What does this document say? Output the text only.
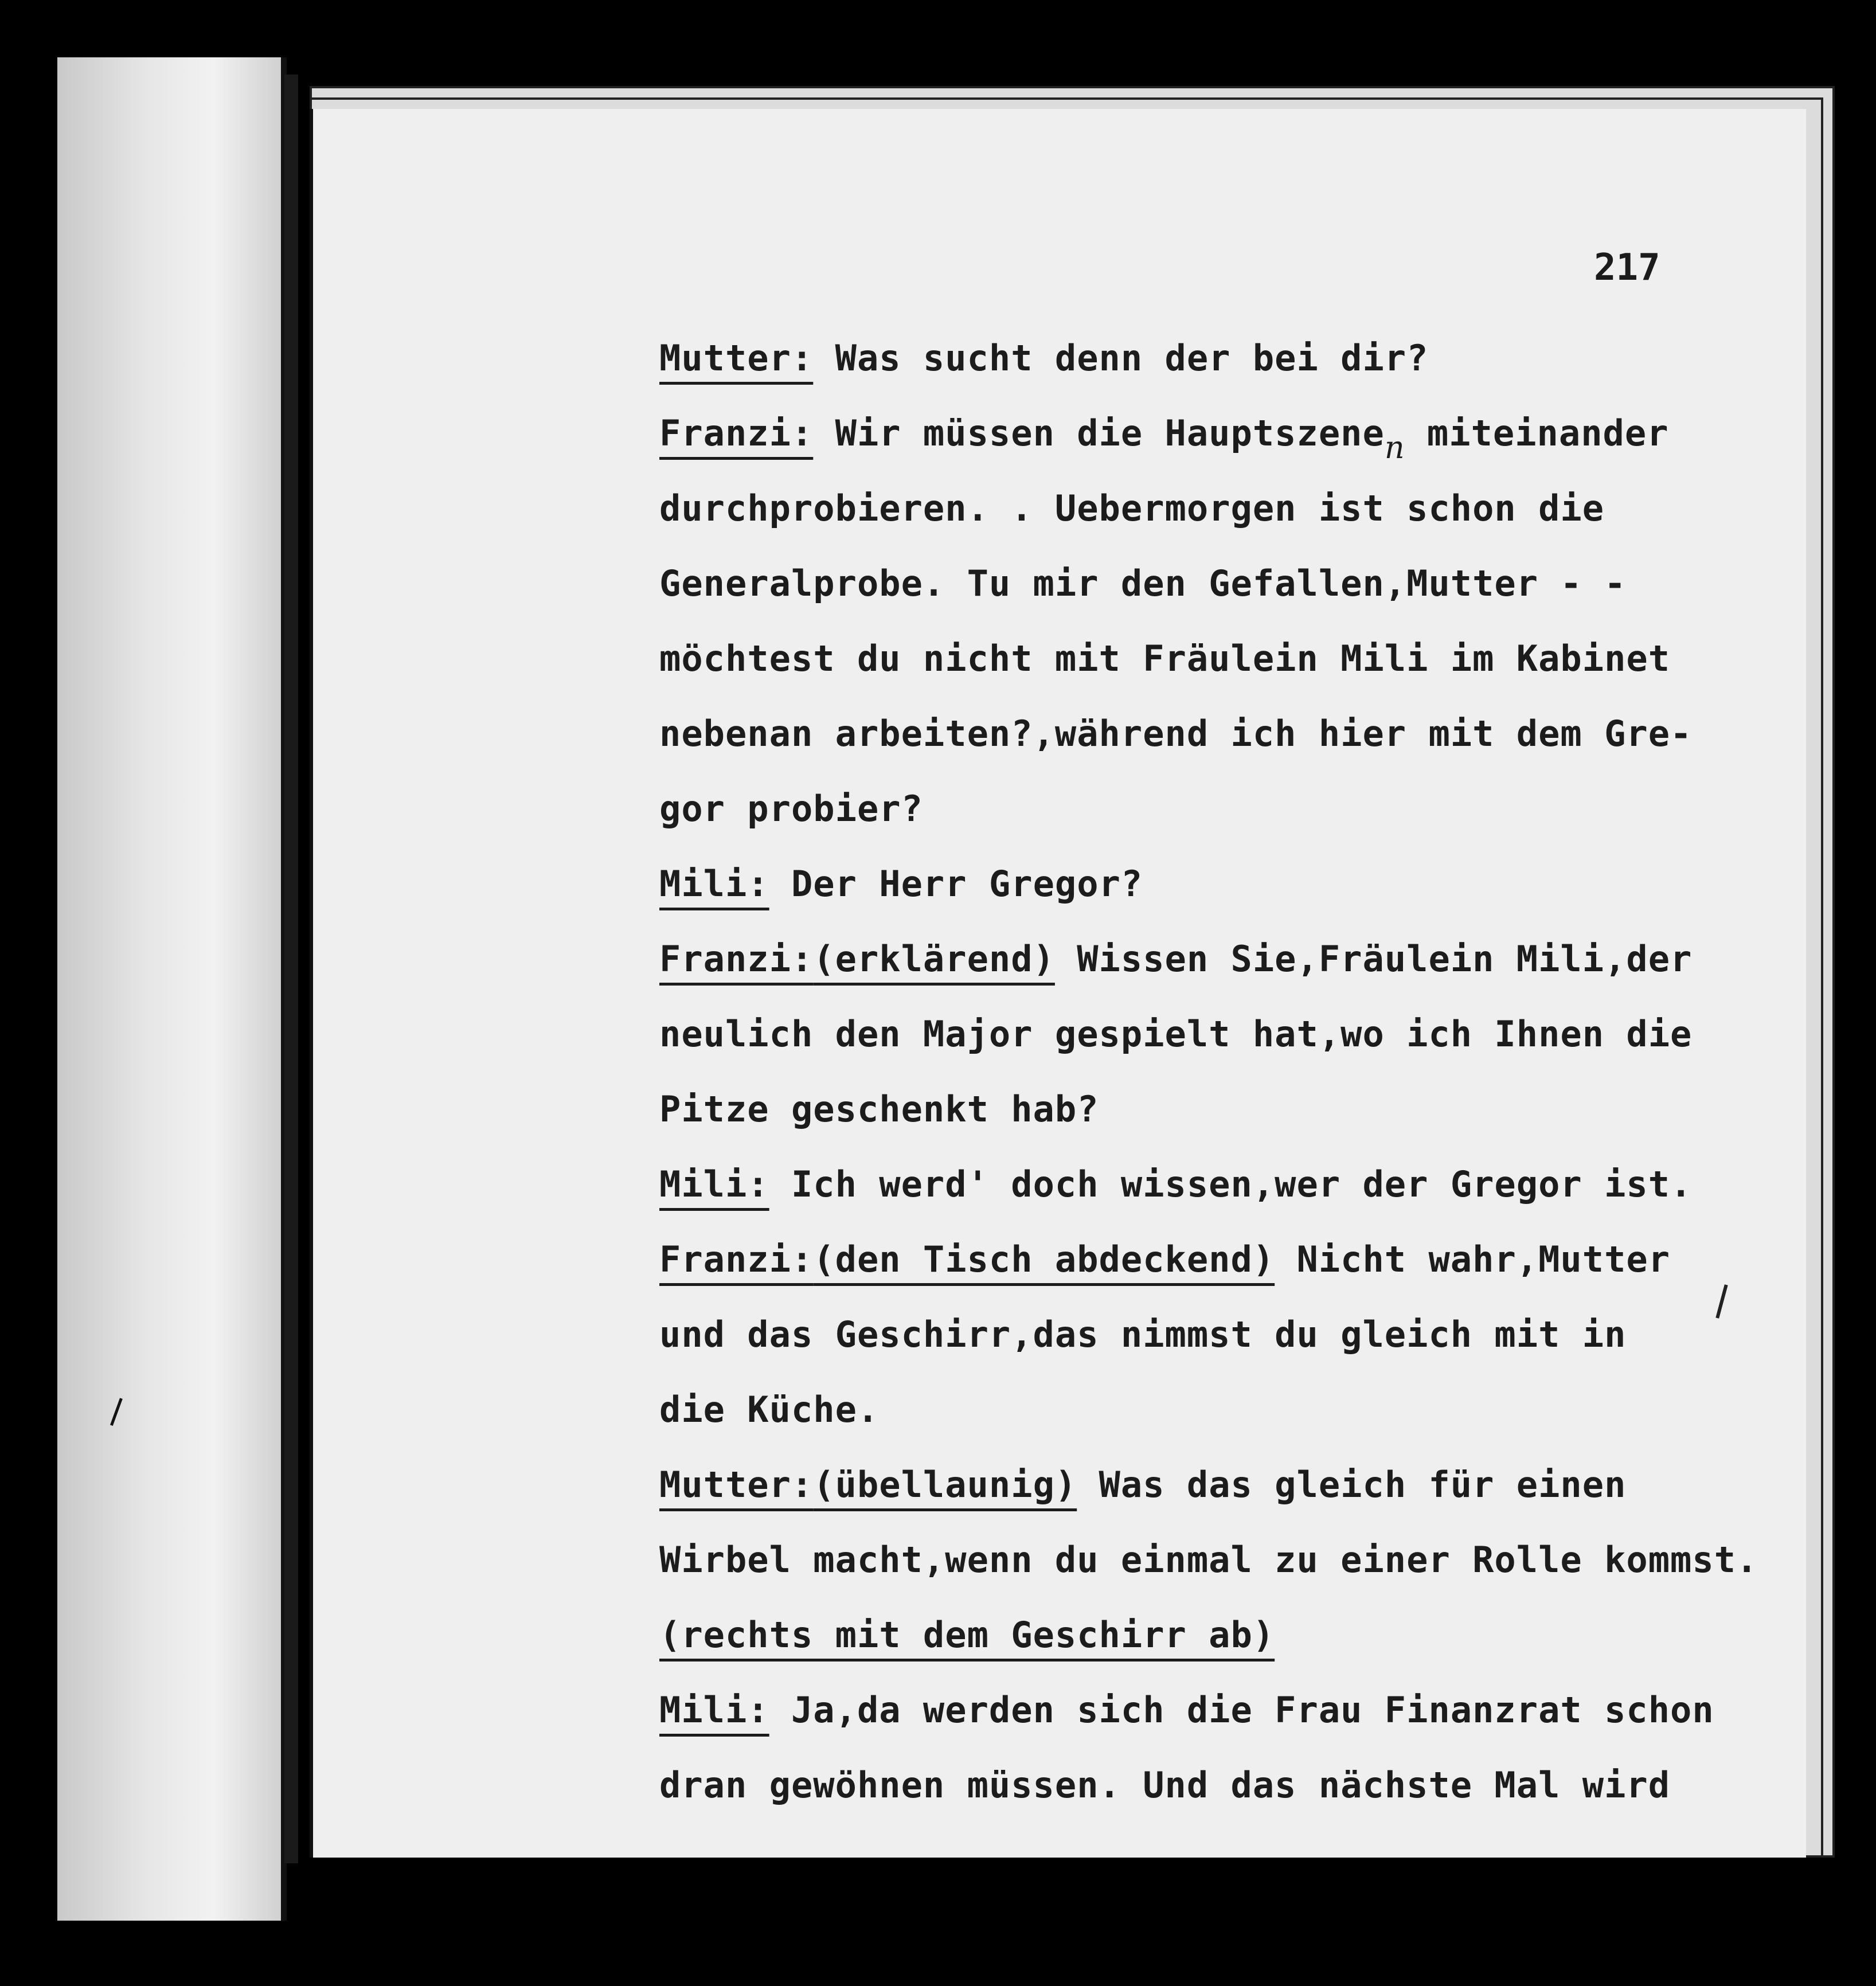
217
Mutter: Was sucht denn der bei dir?
Franzi: Wir müssen die Hauptszenen miteinander
durchprobieren. . Uebermorgen ist schon die
Generalprobe. Tu mir den Gefallen,Mutter - -
möchtest du nicht mit Fräulein Mili im Kabinet
nebenan arbeiten?,während ich hier mit dem Gre-
gor probier?
Mili: Der Herr Gregor?
Franzi:(erklärend) Wissen Sie,Fräulein Mili,der
neulich den Major gespielt hat,wo ich Ihnen die
Pitze geschenkt hab?
Mili: Ich werd' doch wissen,wer der Gregor ist.
Franzi:(den Tisch abdeckend) Nicht wahr,Mutter
und das Geschirr,das nimmst du gleich mit in
die Küche.
Mutter:(übellaunig) Was das gleich für einen
Wirbel macht,wenn du einmal zu einer Rolle kommst.
(rechts mit dem Geschirr ab)
Mili: Ja,da werden sich die Frau Finanzrat schon
dran gewöhnen müssen. Und das nächste Mal wird
